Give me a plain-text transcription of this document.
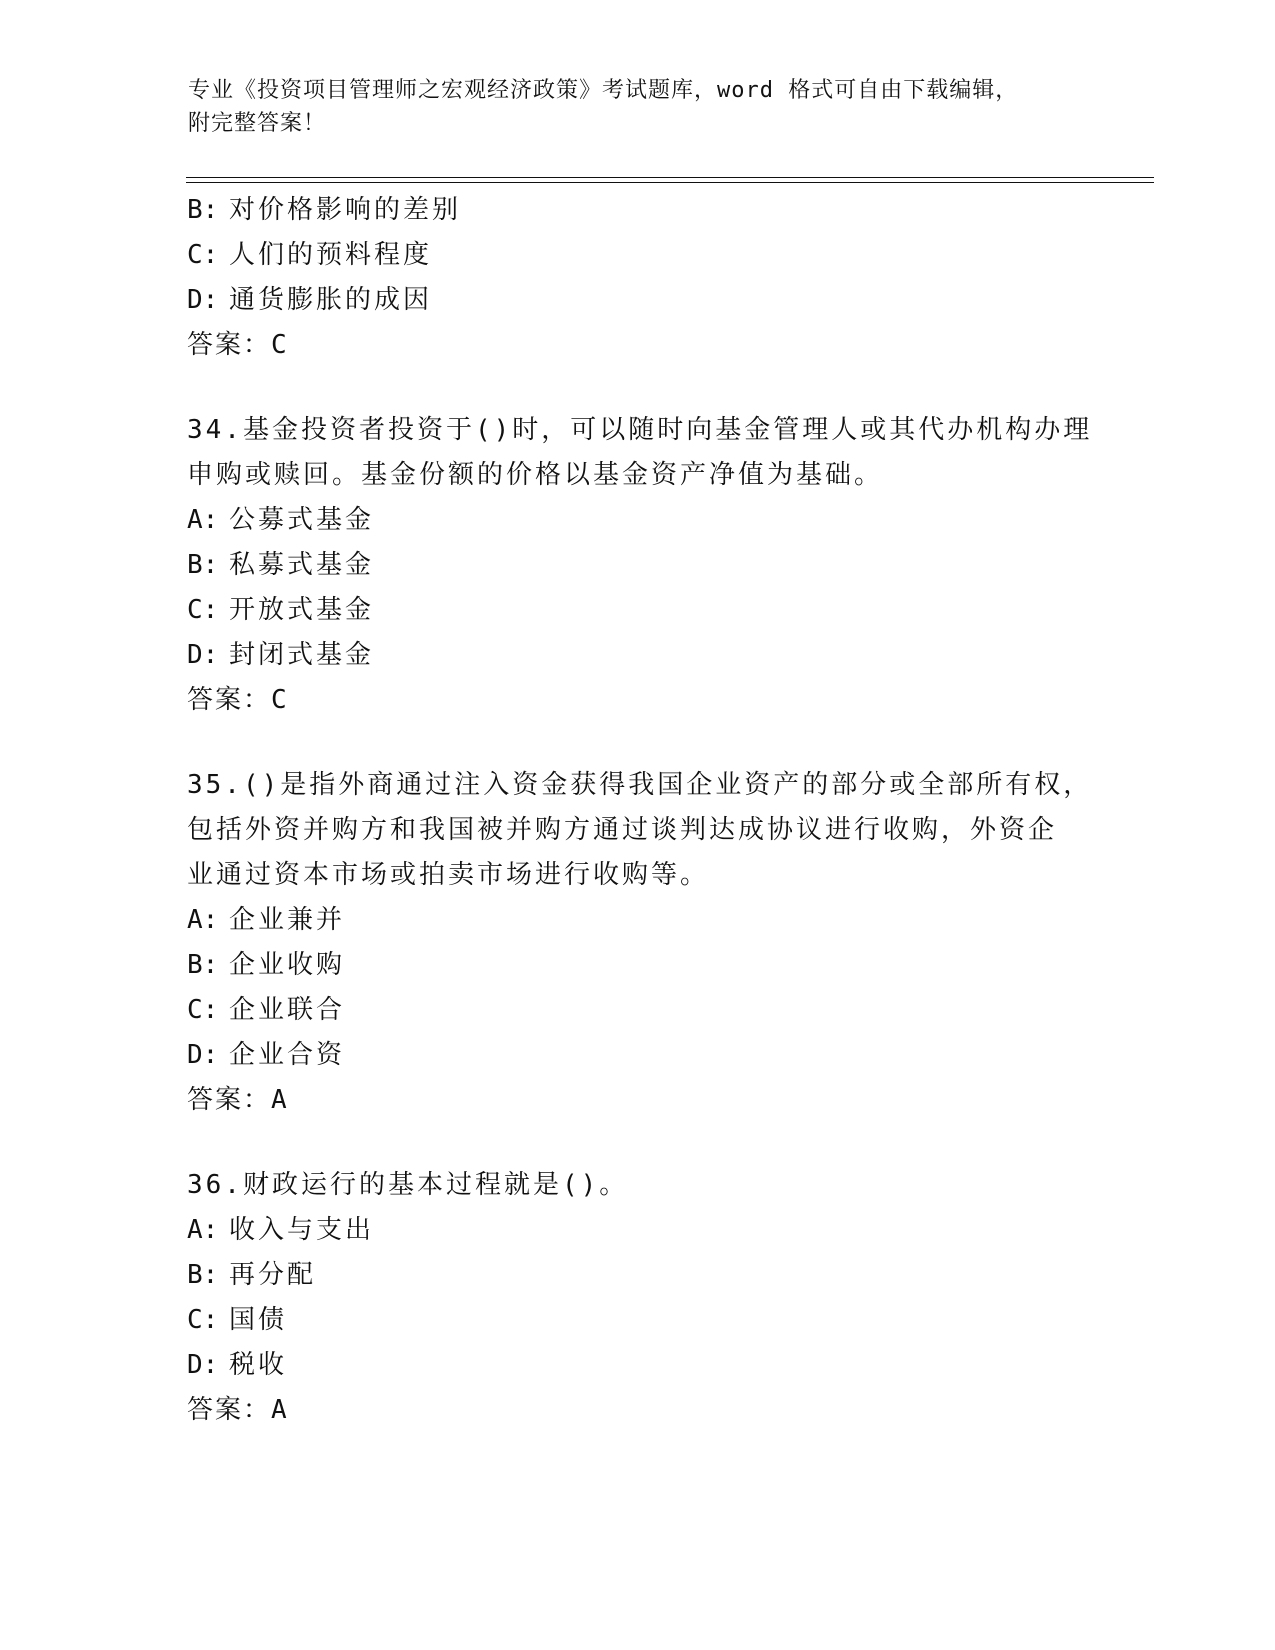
专业《投资项目管理师之宏观经济政策》考试题库，word 格式可自由下载编辑，
附完整答案！
B: 对价格影响的差别
C: 人们的预料程度
D: 通货膨胀的成因
答案：C
34.基金投资者投资于()时，可以随时向基金管理人或其代办机构办理
申购或赎回。基金份额的价格以基金资产净值为基础。
A: 公募式基金
B: 私募式基金
C: 开放式基金
D: 封闭式基金
答案：C
35.()是指外商通过注入资金获得我国企业资产的部分或全部所有权，
包括外资并购方和我国被并购方通过谈判达成协议进行收购，外资企
业通过资本市场或拍卖市场进行收购等。
A: 企业兼并
B: 企业收购
C: 企业联合
D: 企业合资
答案：A
36.财政运行的基本过程就是()。
A: 收入与支出
B: 再分配
C: 国债
D: 税收
答案：A
